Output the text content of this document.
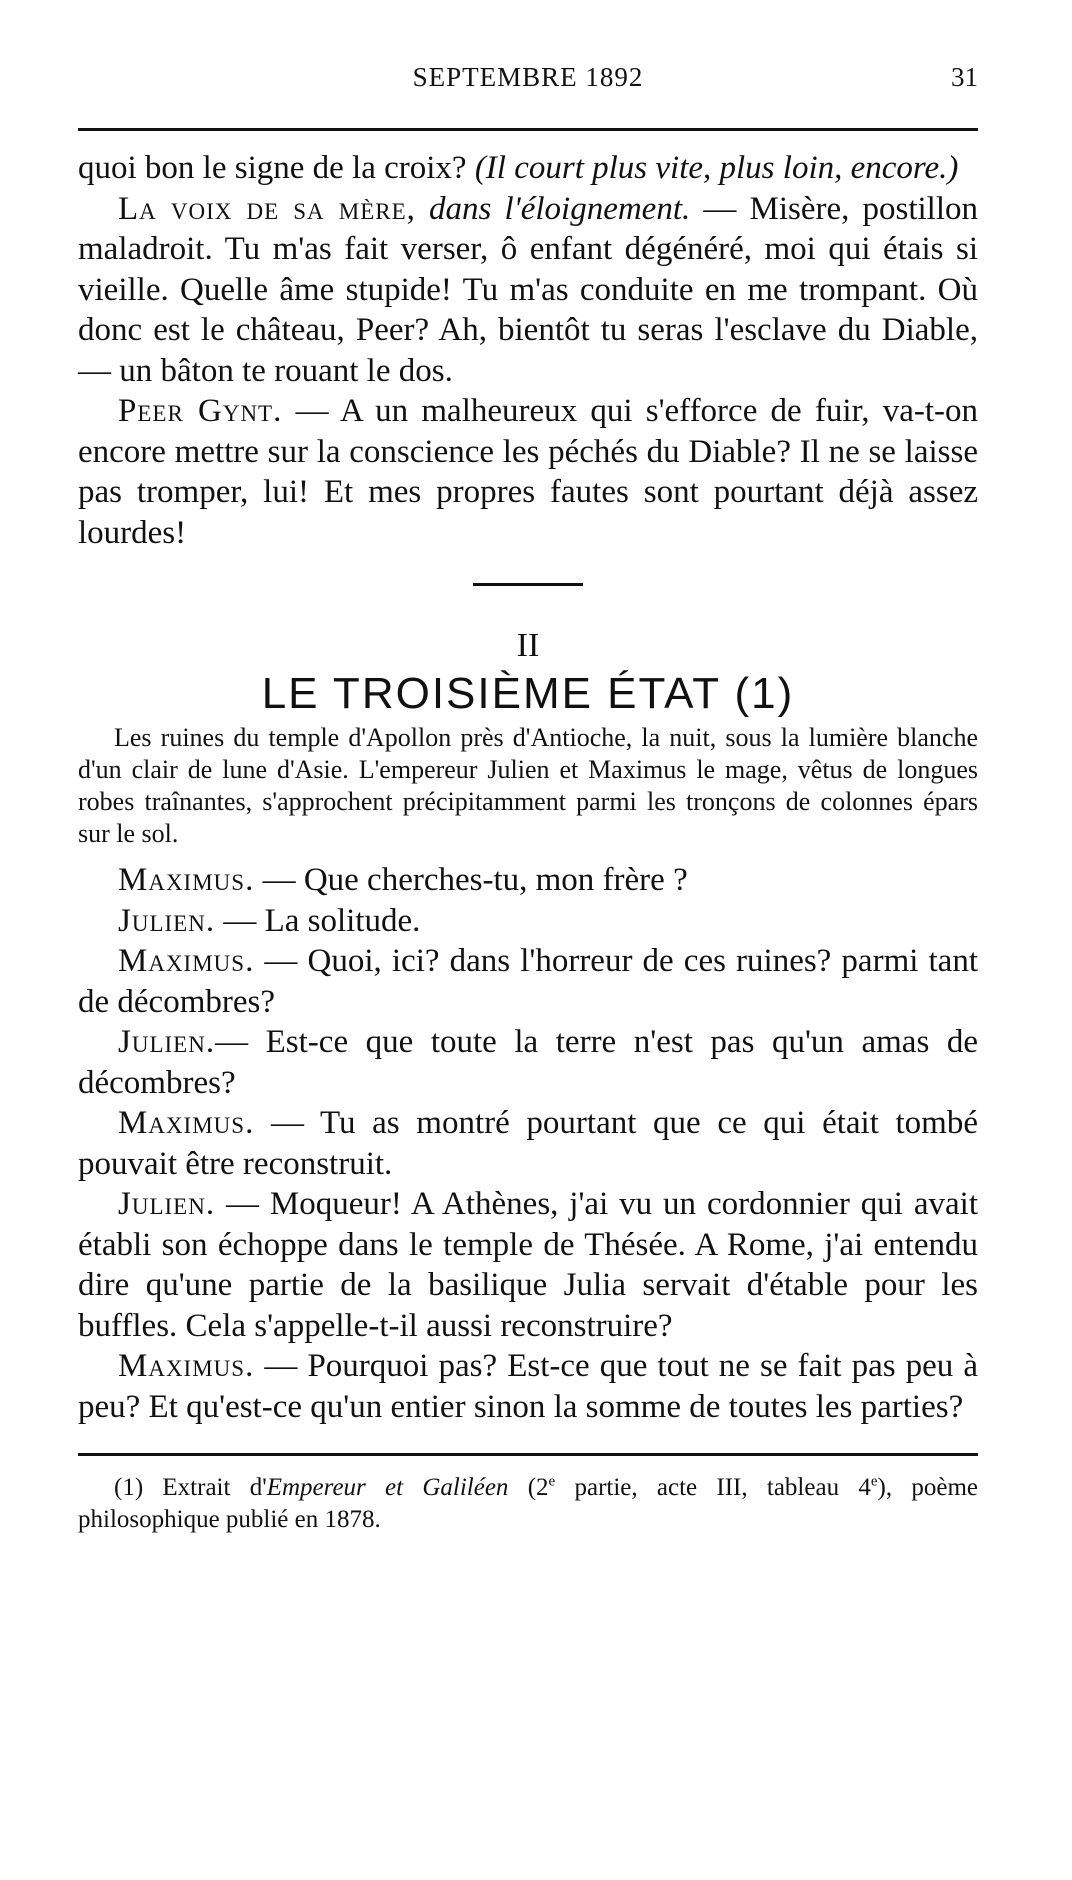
SEPTEMBRE 1892	31

quoi bon le signe de la croix? (Il court plus vite, plus loin, encore.)

La voix de sa mère, dans l'éloignement. — Misère, postillon maladroit. Tu m'as fait verser, ô enfant dégénéré, moi qui étais si vieille. Quelle âme stupide! Tu m'as conduite en me trompant. Où donc est le château, Peer? Ah, bientôt tu seras l'esclave du Diable, — un bâton te rouant le dos.

Peer Gynt. — A un malheureux qui s'efforce de fuir, va-t-on encore mettre sur la conscience les péchés du Diable? Il ne se laisse pas tromper, lui! Et mes propres fautes sont pourtant déjà assez lourdes!

II

LE TROISIÈME ÉTAT (1)

Les ruines du temple d'Apollon près d'Antioche, la nuit, sous la lumière blanche d'un clair de lune d'Asie. L'empereur Julien et Maximus le mage, vêtus de longues robes traînantes, s'approchent précipitamment parmi les tronçons de colonnes épars sur le sol.

Maximus. — Que cherches-tu, mon frère ?

Julien. — La solitude.

Maximus. — Quoi, ici? dans l'horreur de ces ruines? parmi tant de décombres?

Julien.— Est-ce que toute la terre n'est pas qu'un amas de décombres?

Maximus. — Tu as montré pourtant que ce qui était tombé pouvait être reconstruit.

Julien. — Moqueur! A Athènes, j'ai vu un cordonnier qui avait établi son échoppe dans le temple de Thésée. A Rome, j'ai entendu dire qu'une partie de la basilique Julia servait d'étable pour les buffles. Cela s'appelle-t-il aussi reconstruire?

Maximus. — Pourquoi pas? Est-ce que tout ne se fait pas peu à peu? Et qu'est-ce qu'un entier sinon la somme de toutes les parties?

(1) Extrait d'Empereur et Galiléen (2e partie, acte III, tableau 4e), poème philosophique publié en 1878.
